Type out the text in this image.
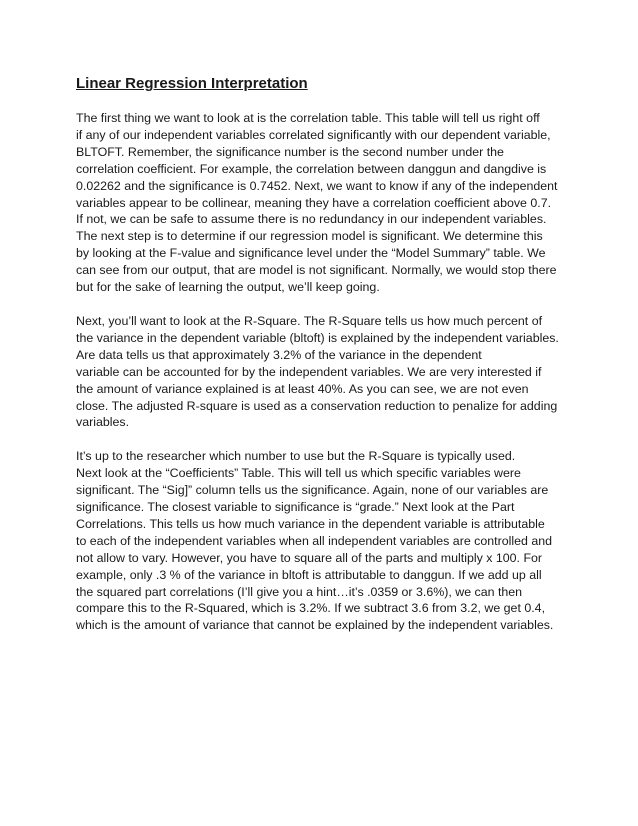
Linear Regression Interpretation
The first thing we want to look at is the correlation table. This table will tell us right off
if any of our independent variables correlated significantly with our dependent variable,
BLTOFT. Remember, the significance number is the second number under the
correlation coefficient. For example, the correlation between danggun and dangdive is
0.02262 and the significance is 0.7452. Next, we want to know if any of the independent
variables appear to be collinear, meaning they have a correlation coefficient above 0.7.
If not, we can be safe to assume there is no redundancy in our independent variables.
The next step is to determine if our regression model is significant. We determine this
by looking at the F-value and significance level under the “Model Summary” table. We
can see from our output, that are model is not significant. Normally, we would stop there
but for the sake of learning the output, we’ll keep going.
Next, you’ll want to look at the R-Square. The R-Square tells us how much percent of
the variance in the dependent variable (bltoft) is explained by the independent variables.
Are data tells us that approximately 3.2% of the variance in the dependent
variable can be accounted for by the independent variables. We are very interested if
the amount of variance explained is at least 40%. As you can see, we are not even
close. The adjusted R-square is used as a conservation reduction to penalize for adding
variables.
It’s up to the researcher which number to use but the R-Square is typically used.
Next look at the “Coefficients” Table. This will tell us which specific variables were
significant. The “Sig]” column tells us the significance. Again, none of our variables are
significance. The closest variable to significance is “grade.” Next look at the Part
Correlations. This tells us how much variance in the dependent variable is attributable
to each of the independent variables when all independent variables are controlled and
not allow to vary. However, you have to square all of the parts and multiply x 100. For
example, only .3 % of the variance in bltoft is attributable to danggun. If we add up all
the squared part correlations (I’ll give you a hint…it’s .0359 or 3.6%), we can then
compare this to the R-Squared, which is 3.2%. If we subtract 3.6 from 3.2, we get 0.4,
which is the amount of variance that cannot be explained by the independent variables.
